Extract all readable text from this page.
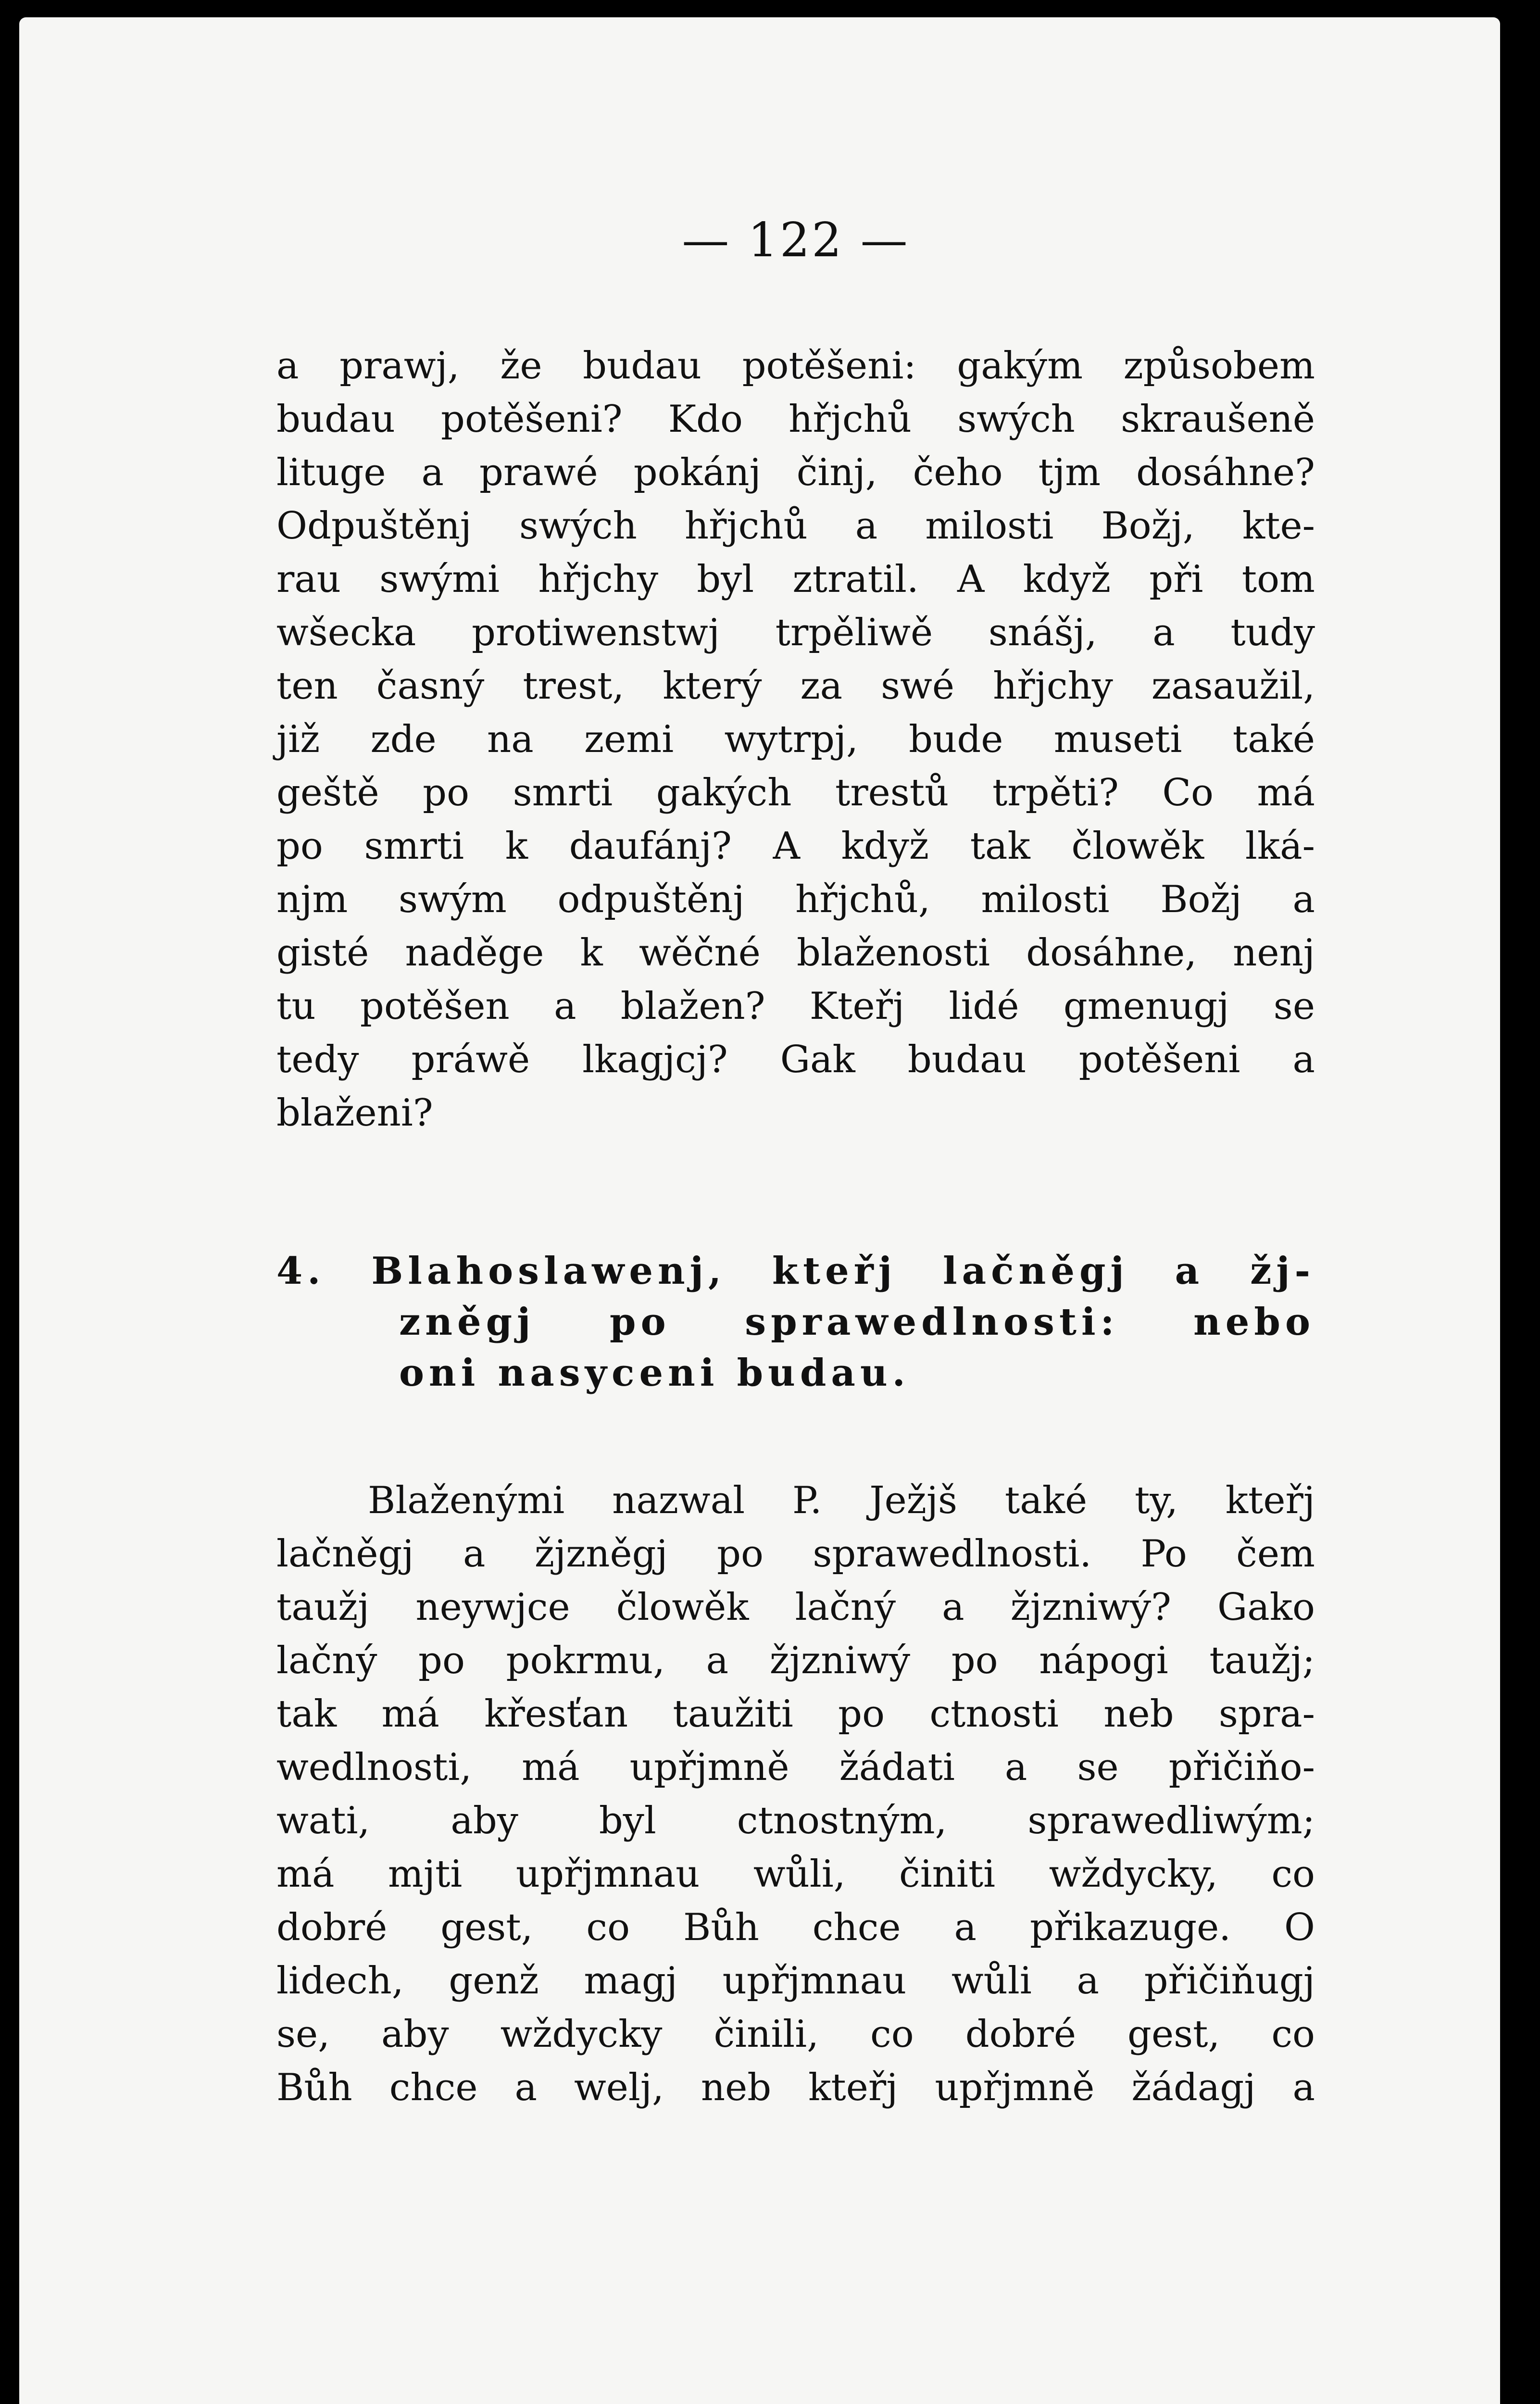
— 122 —
a prawj, že budau potěšeni: gakým způsobem
budau potěšeni? Kdo hřjchů swých skraušeně
lituge a prawé pokánj činj, čeho tjm dosáhne?
Odpuštěnj swých hřjchů a milosti Božj, kte-
rau swými hřjchy byl ztratil. A když při tom
wšecka protiwenstwj trpěliwě snášj, a tudy
ten časný trest, který za swé hřjchy zasaužil,
již zde na zemi wytrpj, bude museti také
geště po smrti gakých trestů trpěti? Co má
po smrti k daufánj? A když tak člowěk lká-
njm swým odpuštěnj hřjchů, milosti Božj a
gisté naděge k wěčné blaženosti dosáhne, nenj
tu potěšen a blažen? Kteřj lidé gmenugj se
tedy práwě lkagjcj? Gak budau potěšeni a
blaženi?
4. Blahoslawenj, kteřj lačněgj a žj-
zněgj po sprawedlnosti: nebo
oni nasyceni budau.
Blaženými nazwal P. Ježjš také ty, kteřj
lačněgj a žjzněgj po sprawedlnosti. Po čem
taužj neywjce člowěk lačný a žjzniwý? Gako
lačný po pokrmu, a žjzniwý po nápogi taužj;
tak má křesťan taužiti po ctnosti neb spra-
wedlnosti, má upřjmně žádati a se přičiňo-
wati, aby byl ctnostným, sprawedliwým;
má mjti upřjmnau wůli, činiti wždycky, co
dobré gest, co Bůh chce a přikazuge. O
lidech, genž magj upřjmnau wůli a přičiňugj
se, aby wždycky činili, co dobré gest, co
Bůh chce a welj, neb kteřj upřjmně žádagj a
